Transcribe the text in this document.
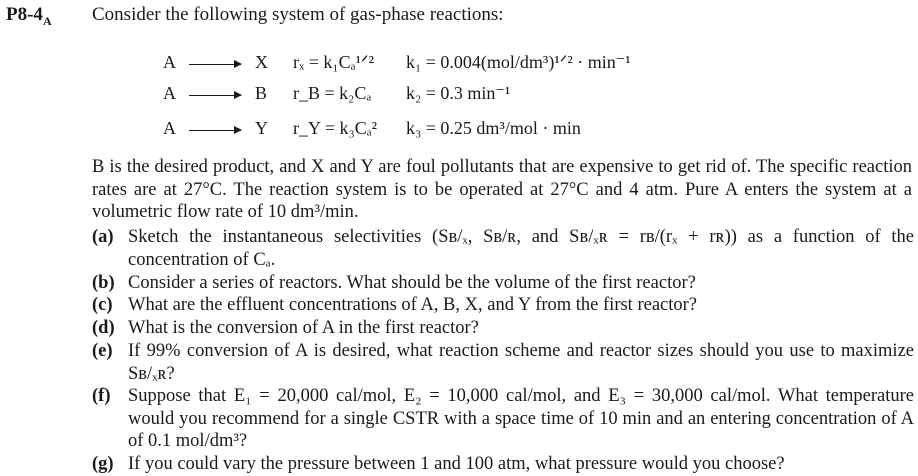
$P8-4_A$ Consider the following system of gas-phase reactions:
A → X rₓ = k₁Cₐ¹ᐟ² k₁ = 0.004(mol/dm³)¹ᐟ² · min⁻¹
A → B r_B = k₂Cₐ k₂ = 0.3 min⁻¹
A → Y r_Y = k₃Cₐ² k₃ = 0.25 dm³/mol · min
B is the desired product, and X and Y are foul pollutants that are expensive to get rid of. The specific reaction rates are at 27°C. The reaction system is to be operated at 27°C and 4 atm. Pure A enters the system at a volumetric flow rate of 10 dm³/min.
(a) Sketch the instantaneous selectivities (Sʙ/ₓ, Sʙ/ʀ, and Sʙ/ₓʀ = rʙ/(rₓ + rʀ)) as a function of the concentration of Cₐ.
(b) Consider a series of reactors. What should be the volume of the first reactor?
(c) What are the effluent concentrations of A, B, X, and Y from the first reactor?
(d) What is the conversion of A in the first reactor?
(e) If 99% conversion of A is desired, what reaction scheme and reactor sizes should you use to maximize Sʙ/ₓʀ?
(f) Suppose that E₁ = 20,000 cal/mol, E₂ = 10,000 cal/mol, and E₃ = 30,000 cal/mol. What temperature would you recommend for a single CSTR with a space time of 10 min and an entering concentration of A of 0.1 mol/dm³?
(g) If you could vary the pressure between 1 and 100 atm, what pressure would you choose?
